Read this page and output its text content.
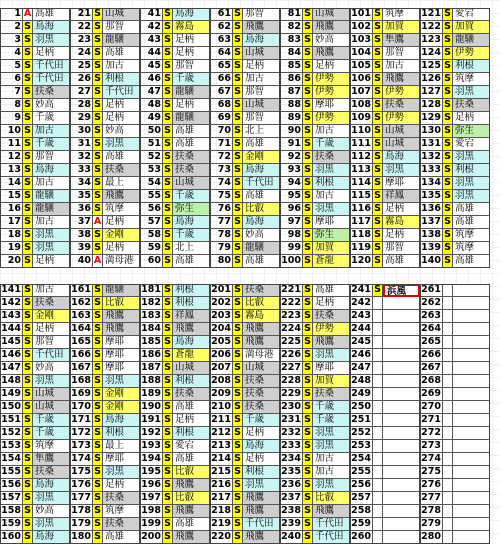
1 A 高雄
2 S 鳥海
3 S 羽黒
4 S 足柄
5 S 千代田
6 S 千代田
7 S 扶桑
8 S 妙高
9 S 千歳
10 S 加古
11 S 千歳
12 S 那智
13 S 鳥海
14 S 加古
15 S 龍驤
16 S 龍驤
17 S 加古
18 S 羽黒
19 S 羽黒
20 S 足柄
21 S 山城
22 S 那智
23 S 龍驤
24 S 高雄
25 S 加古
26 S 利根
27 S 千代田
28 S 足柄
29 S 足柄
30 S 妙高
31 S 羽黒
32 S 高雄
33 S 扶桑
34 S 最上
35 S 飛鷹
36 S 筑摩
37 A 足柄
38 S 金剛
39 S 足柄
40 A 満母港
41 S 鳥海
42 S 霧島
43 S 足柄
44 S 足柄
45 S 那智
46 S 千歳
47 S 龍驤
48 S 足柄
49 S 龍驤
50 S 高雄
51 S 高雄
52 S 扶桑
53 S 扶桑
54 S 山城
55 S 千歳
56 S 弥生
57 S 鳥海
58 S 千歳
59 S 北上
60 S 高雄
61 S 那智
62 S 飛鷹
63 S 鳥海
64 S 山城
65 S 足柄
66 S 加古
67 S 那智
68 S 山城
69 S 那智
70 S 北上
71 S 高雄
72 S 金剛
73 S 鳥海
74 S 千代田
75 S 高雄
76 S 比叡
77 S 鳥海
78 S 妙高
79 S 龍驤
80 S 高雄
81 S 山城
82 S 飛鷹
83 S 妙高
84 S 飛鷹
85 S 足柄
86 S 伊勢
87 S 伊勢
88 S 摩耶
89 S 伊勢
90 S 加古
91 S 千歳
92 S 扶桑
93 S 羽黒
94 S 利根
95 S 加古
96 S 羽黒
97 S 摩耶
98 S 弥生
99 S 加賀
100 S 蒼龍
101 S 筑摩
102 S 加賀
103 S 隼鷹
104 S 那智
105 S 加古
106 S 飛鷹
107 S 伊勢
108 S 扶桑
109 S 伊勢
110 S 山城
111 S 山城
112 S 鳥海
113 S 羽黒
114 S 摩耶
115 S 祥鳳
116 S 足柄
117 S 霧島
118 S 足柄
119 S 那智
120 S 高雄
121 S 愛宕
122 S 加賀
123 S 龍驤
124 S 伊勢
125 S 利根
126 S 筑摩
127 S 羽黒
128 S 扶桑
129 S 足柄
130 S 弥生
131 S 愛宕
132 S 羽黒
133 S 利根
134 S 羽黒
135 S 羽黒
136 S 高雄
137 S 高雄
138 S 筑摩
139 S 筑摩
140 S 高雄
141 S 加古
142 S 扶桑
143 S 金剛
144 S 足柄
145 S 那智
146 S 千代田
147 S 妙高
148 S 羽黒
149 S 山城
150 S 山城
151 S 千歳
152 S 千歳
153 S 筑摩
154 S 隼鷹
155 S 扶桑
156 S 鳥海
157 S 羽黒
158 S 妙高
159 S 羽黒
160 S 鳥海
161 S 龍驤
162 S 比叡
163 S 飛鷹
164 S 飛鷹
165 S 摩耶
166 S 摩耶
167 S 摩耶
168 S 羽黒
169 S 金剛
170 S 金剛
171 S 鳥海
172 S 利根
173 S 最上
174 S 摩耶
175 S 羽黒
176 S 足柄
177 S 扶桑
178 S 筑摩
179 S 扶桑
180 S 高雄
181 S 利根
182 S 利根
183 S 祥鳳
184 S 飛鷹
185 S 鳥海
186 S 蒼龍
187 S 山城
188 S 利根
189 S 扶桑
190 S 高雄
191 S 足柄
192 S 利根
193 S 愛宕
194 S 高雄
195 S 比叡
196 S 飛鷹
197 S 比叡
198 S 飛鷹
199 S 高雄
200 S 飛鷹
201 S 扶桑
202 S 比叡
203 S 霧島
204 S 飛鷹
205 S 飛鷹
206 S 満母港
207 S 山城
208 S 扶桑
209 S 扶桑
210 S 扶桑
211 S 千歳
212 S 足柄
213 S 鳥海
214 S 足柄
215 S 利根
216 S 羽黒
217 S 飛鷹
218 S 飛鷹
219 S 千代田
220 S 飛鷹
221 S 高雄
222 S 足柄
223 S 扶桑
224 S 伊勢
225 S 飛鷹
226 S 羽黒
227 S 摩耶
228 S 加賀
229 S 扶桑
230 S 千歳
231 S 千歳
232 S 羽黒
233 S 羽黒
234 S 加古
235 S 加古
236 S 羽黒
237 S 比叡
238 S 飛鷹
239 S 千代田
240 S 千代田
241 S 浜風
242
243
244
245
246
247
248
249
250
251
252
253
254
255
256
257
258
259
260
261
262
263
264
265
266
267
268
269
270
271
272
273
274
275
276
277
278
279
280
